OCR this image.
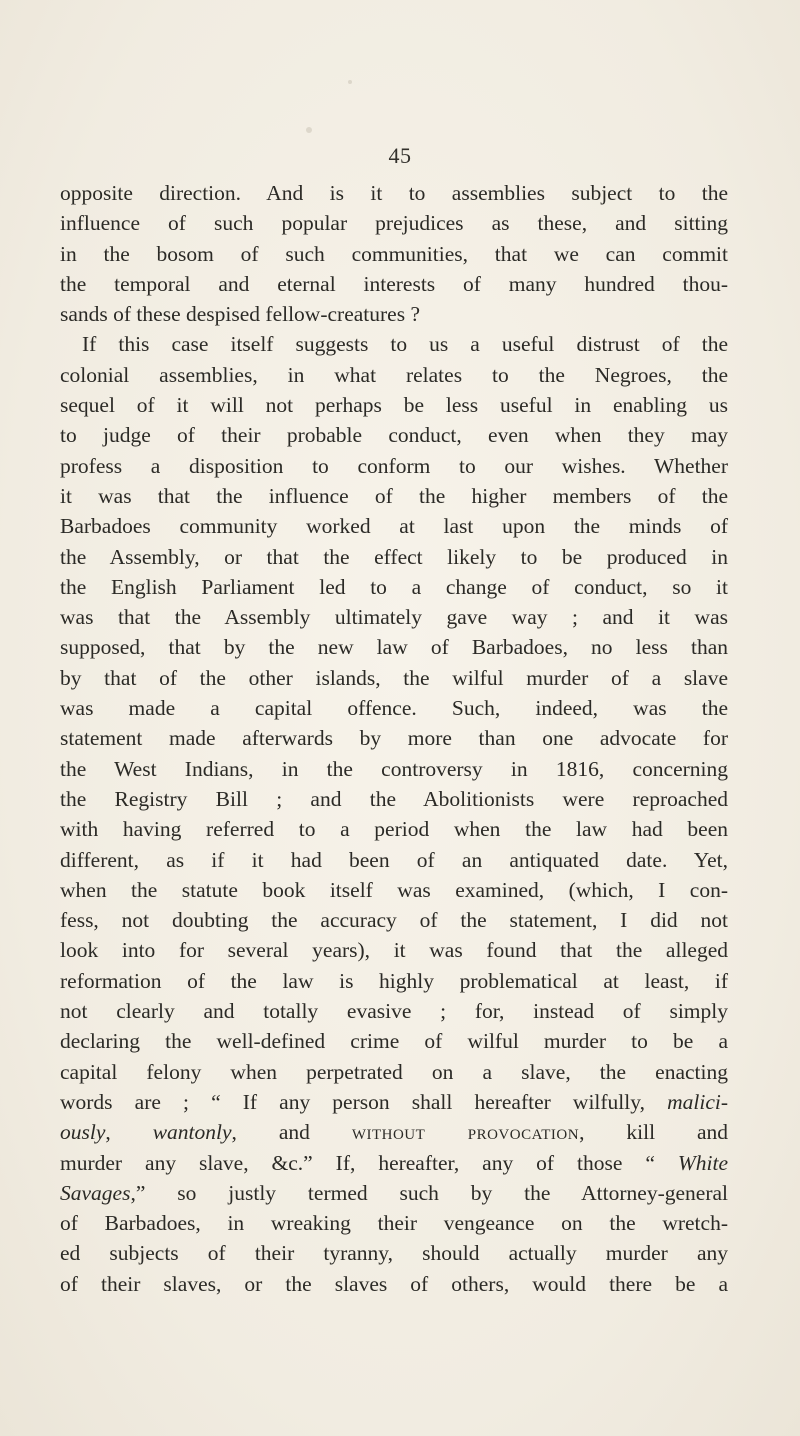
45
opposite direction. And is it to assemblies subject to the
influence of such popular prejudices as these, and sitting
in the bosom of such communities, that we can commit
the temporal and eternal interests of many hundred thou-
sands of these despised fellow-creatures ?
If this case itself suggests to us a useful distrust of the
colonial assemblies, in what relates to the Negroes, the
sequel of it will not perhaps be less useful in enabling us
to judge of their probable conduct, even when they may
profess a disposition to conform to our wishes. Whether
it was that the influence of the higher members of the
Barbadoes community worked at last upon the minds of
the Assembly, or that the effect likely to be produced in
the English Parliament led to a change of conduct, so it
was that the Assembly ultimately gave way ; and it was
supposed, that by the new law of Barbadoes, no less than
by that of the other islands, the wilful murder of a slave
was made a capital offence. Such, indeed, was the
statement made afterwards by more than one advocate for
the West Indians, in the controversy in 1816, concerning
the Registry Bill ; and the Abolitionists were reproached
with having referred to a period when the law had been
different, as if it had been of an antiquated date. Yet,
when the statute book itself was examined, (which, I con-
fess, not doubting the accuracy of the statement, I did not
look into for several years), it was found that the alleged
reformation of the law is highly problematical at least, if
not clearly and totally evasive ; for, instead of simply
declaring the well-defined crime of wilful murder to be a
capital felony when perpetrated on a slave, the enacting
words are ; “ If any person shall hereafter wilfully, malici-
ously, wantonly, and without provocation, kill and
murder any slave, &c.” If, hereafter, any of those “ White
Savages,” so justly termed such by the Attorney-general
of Barbadoes, in wreaking their vengeance on the wretch-
ed subjects of their tyranny, should actually murder any
of their slaves, or the slaves of others, would there be a
